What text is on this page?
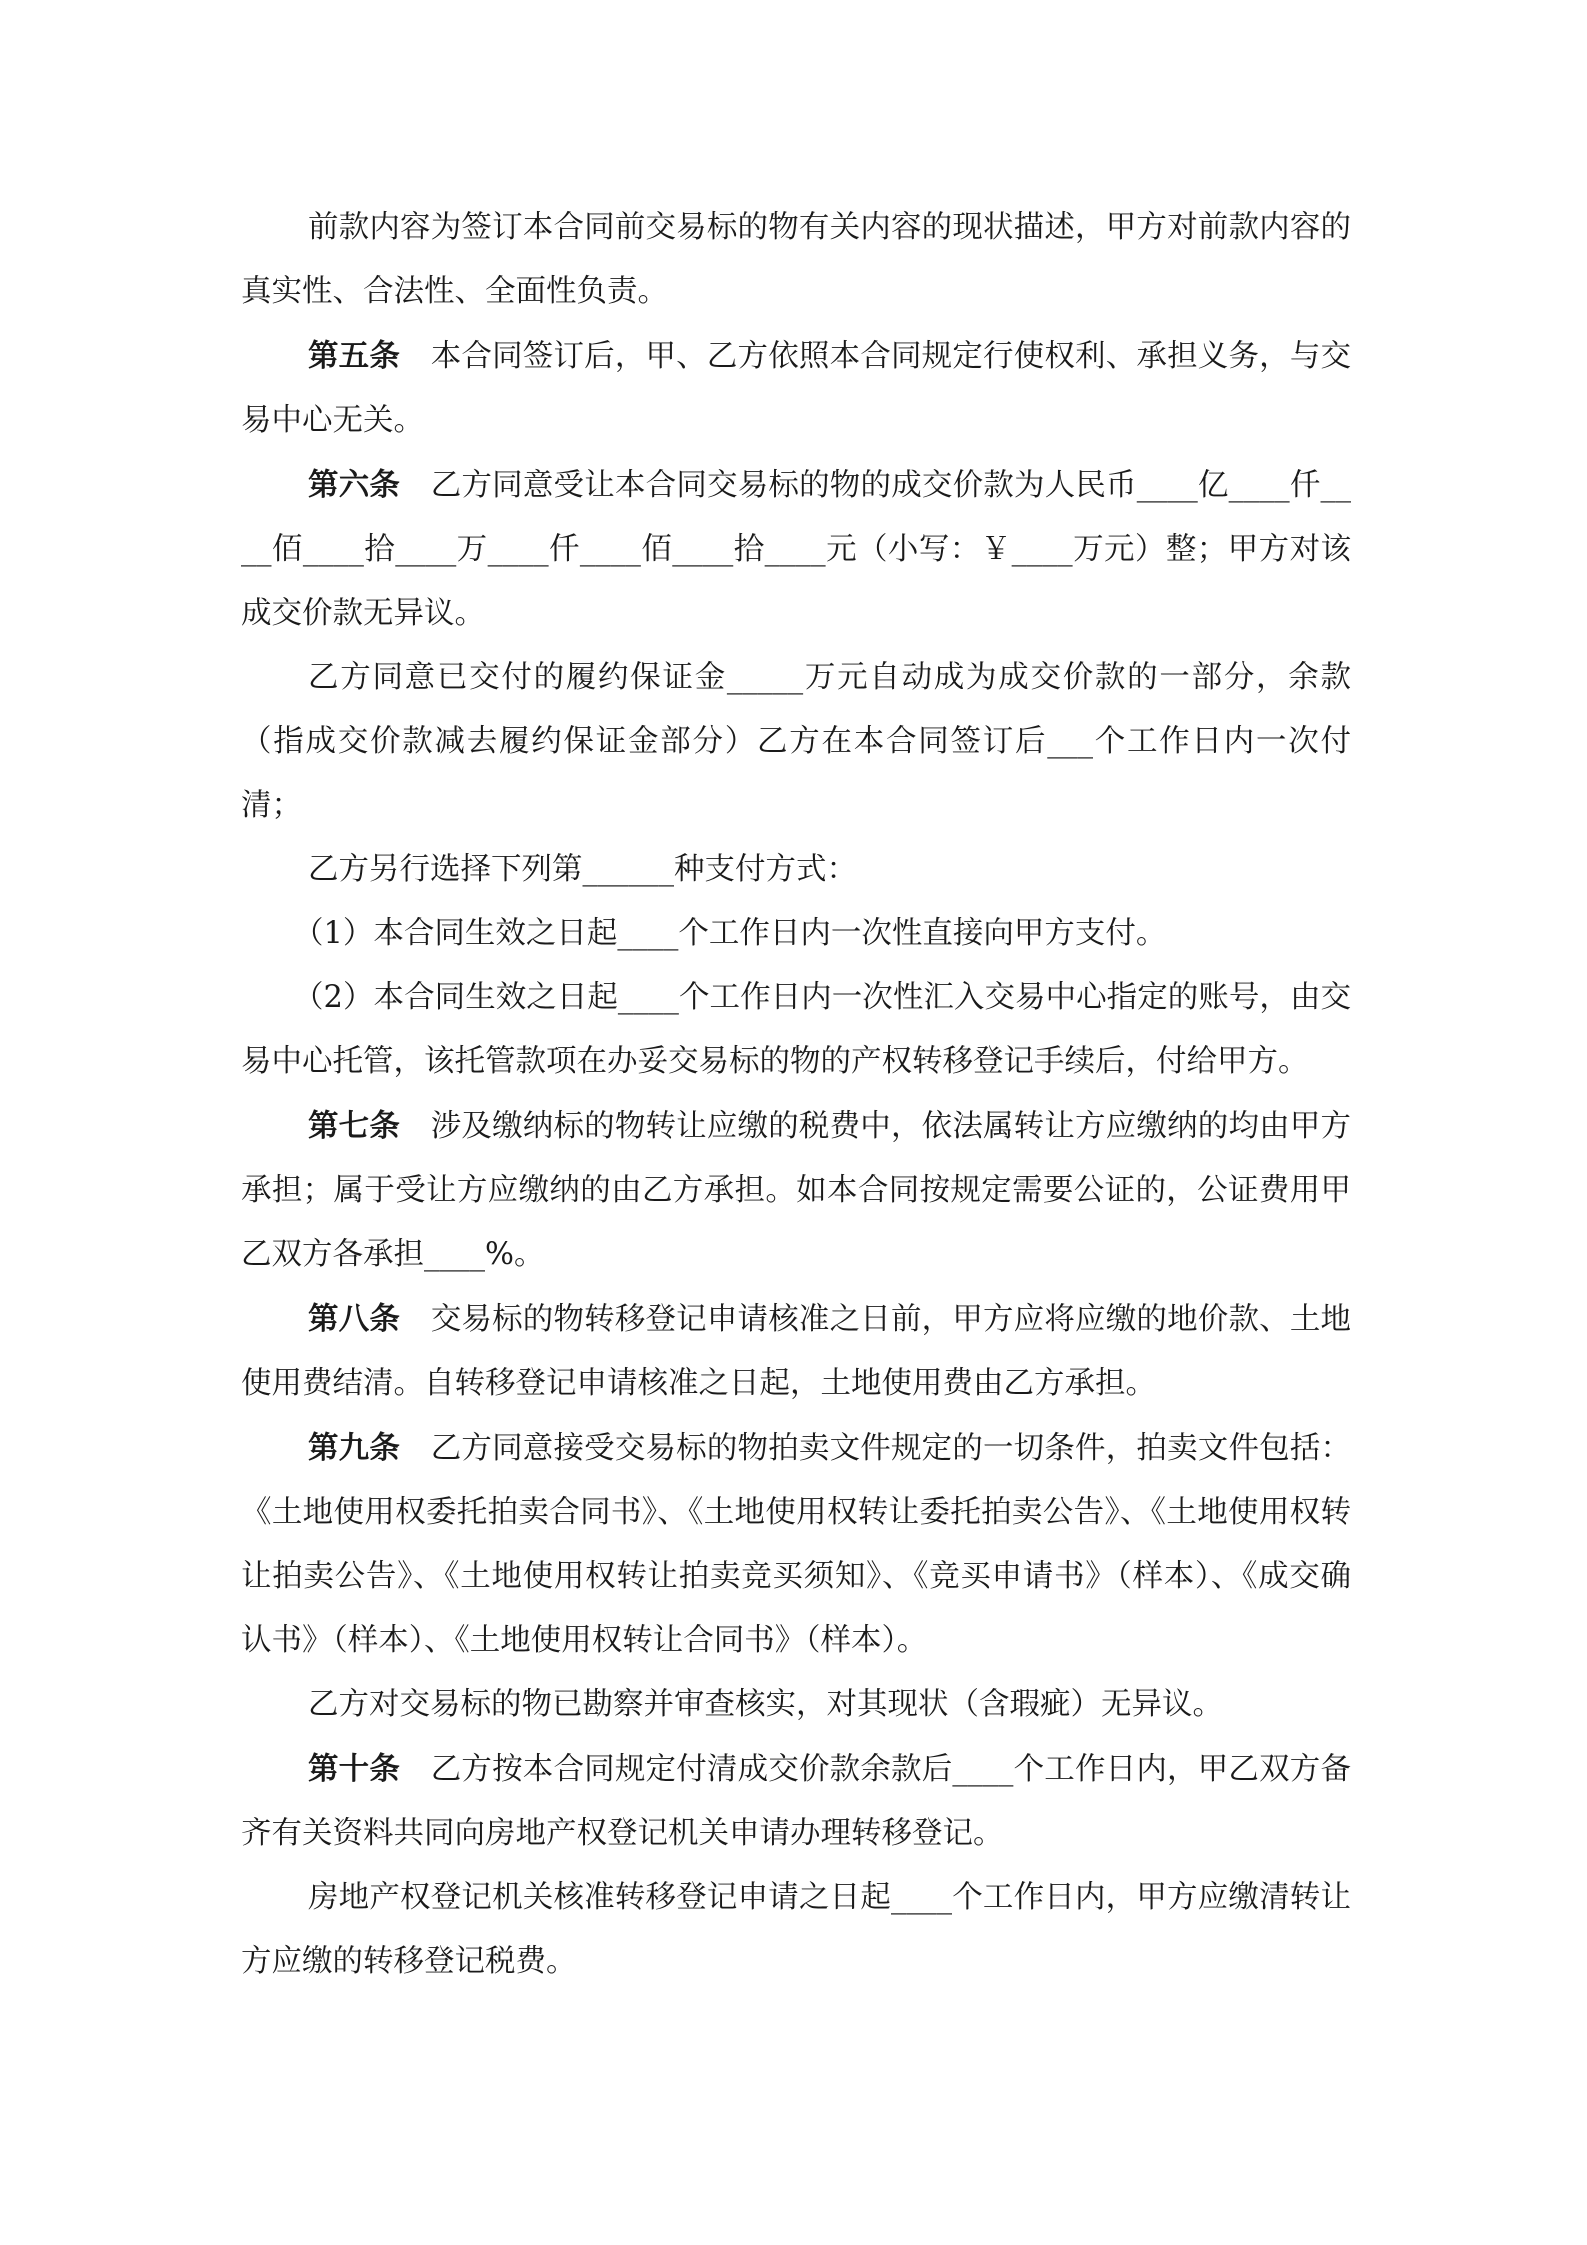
前款内容为签订本合同前交易标的物有关内容的现状描述，甲方对前款内容的真实性、合法性、全面性负责。

第五条　本合同签订后，甲、乙方依照本合同规定行使权利、承担义务，与交易中心无关。

第六条　乙方同意受让本合同交易标的物的成交价款为人民币____亿____仟____佰____拾____万____仟____佰____拾____元（小写：￥____万元）整；甲方对该成交价款无异议。

乙方同意已交付的履约保证金_____万元自动成为成交价款的一部分，余款（指成交价款减去履约保证金部分）乙方在本合同签订后___个工作日内一次付清；

乙方另行选择下列第______种支付方式：

（1）本合同生效之日起____个工作日内一次性直接向甲方支付。

（2）本合同生效之日起____个工作日内一次性汇入交易中心指定的账号，由交易中心托管，该托管款项在办妥交易标的物的产权转移登记手续后，付给甲方。

第七条　涉及缴纳标的物转让应缴的税费中，依法属转让方应缴纳的均由甲方承担；属于受让方应缴纳的由乙方承担。如本合同按规定需要公证的，公证费用甲乙双方各承担____%。

第八条　交易标的物转移登记申请核准之日前，甲方应将应缴的地价款、土地使用费结清。自转移登记申请核准之日起，土地使用费由乙方承担。

第九条　乙方同意接受交易标的物拍卖文件规定的一切条件，拍卖文件包括：《土地使用权委托拍卖合同书》、《土地使用权转让委托拍卖公告》、《土地使用权转让拍卖公告》、《土地使用权转让拍卖竞买须知》、《竞买申请书》（样本）、《成交确认书》（样本）、《土地使用权转让合同书》（样本）。

乙方对交易标的物已勘察并审查核实，对其现状（含瑕疵）无异议。

第十条　乙方按本合同规定付清成交价款余款后____个工作日内，甲乙双方备齐有关资料共同向房地产权登记机关申请办理转移登记。

房地产权登记机关核准转移登记申请之日起____个工作日内，甲方应缴清转让方应缴的转移登记税费。
